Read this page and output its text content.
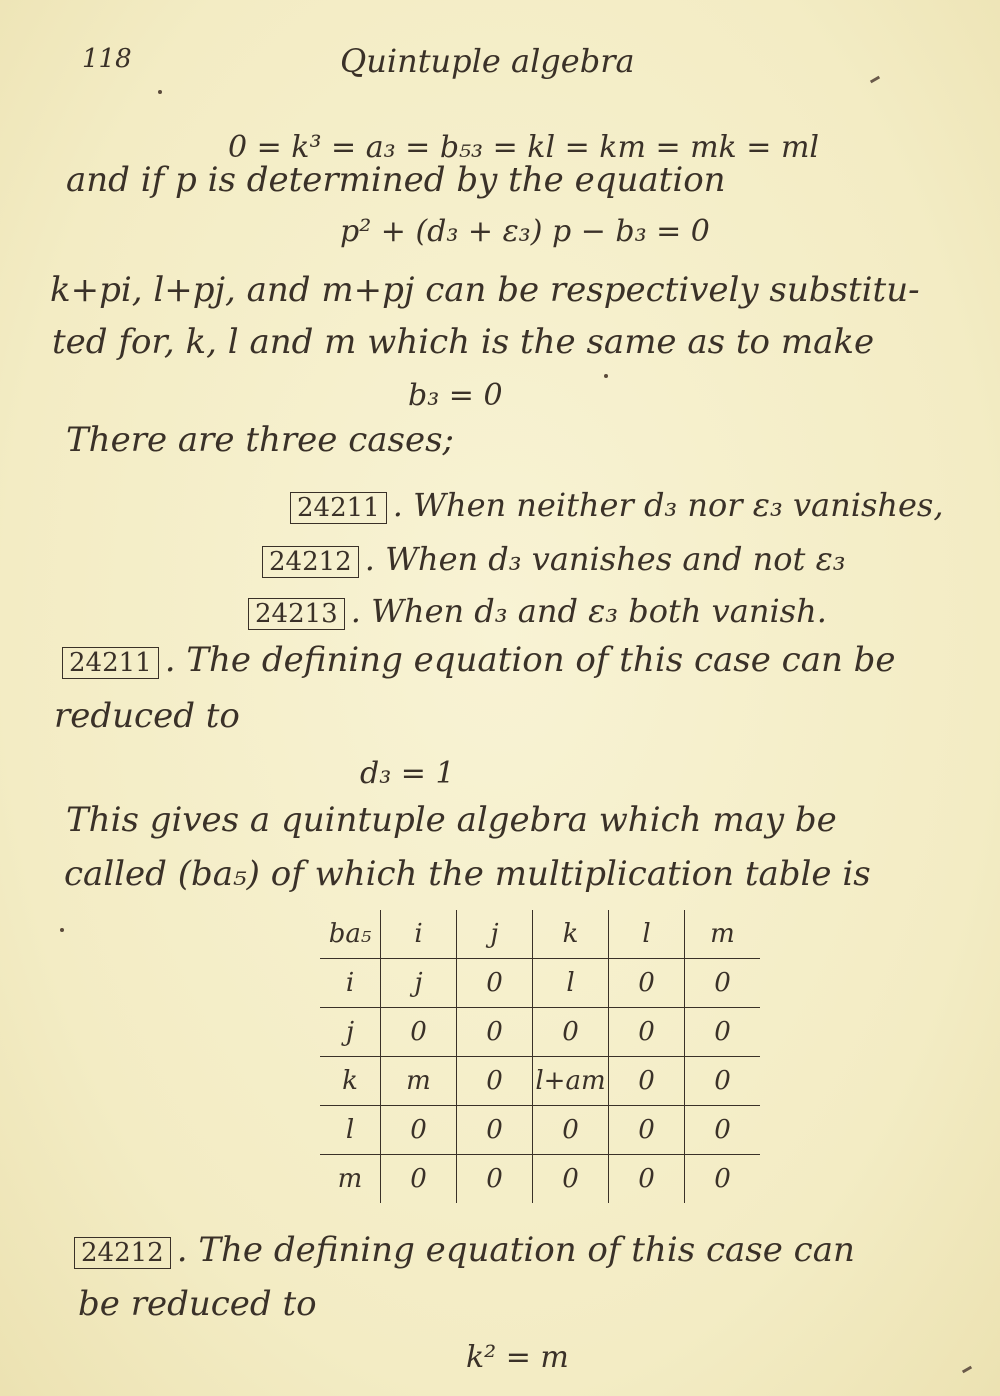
118	Quintuple algebra
0 = k³ = a₃ = b₅₃ = kl = km = mk = ml
and if p is determined by the equation
p² + (d₃ + ε₃) p − b₃ = 0
k+pi, l+pj, and m+pj can be respectively substitu-
ted for, k, l and m which is the same as to make
b₃ = 0
There are three cases;
24211 . When neither d₃ nor ε₃ vanishes,
24212 . When d₃ vanishes and not ε₃
24213 . When d₃ and ε₃ both vanish.
24211 . The defining equation of this case can be
reduced to
d₃ = 1
This gives a quintuple algebra which may be
called (ba₅) of which the multiplication table is
ba₅	i	j	k	l	m
i	j	0	l	0	0
j	0	0	0	0	0
k	m	0	l+am	0	0
l	0	0	0	0	0
m	0	0	0	0	0
24212 . The defining equation of this case can
be reduced to
k² = m
